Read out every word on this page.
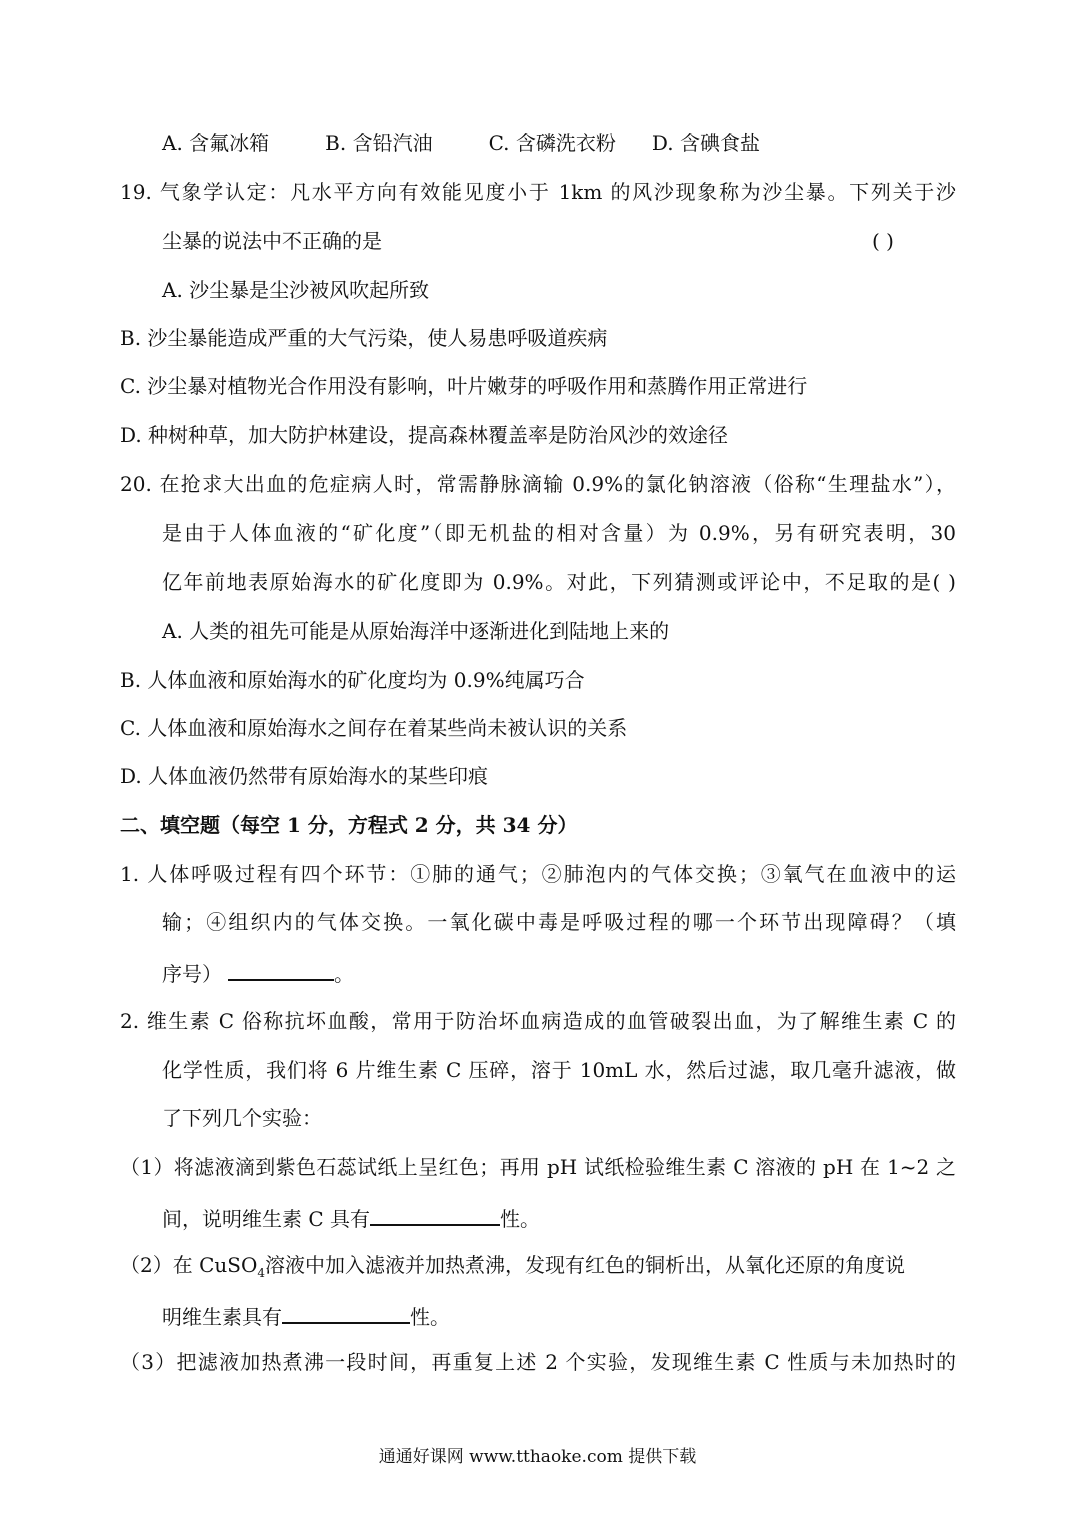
A. 含氟冰箱	B. 含铅汽油	C. 含磷洗衣粉 D. 含碘食盐
19. 气象学认定：凡水平方向有效能见度小于 1km 的风沙现象称为沙尘暴。下列关于沙
尘暴的说法中不正确的是	( )
A. 沙尘暴是尘沙被风吹起所致
B. 沙尘暴能造成严重的大气污染，使人易患呼吸道疾病
C. 沙尘暴对植物光合作用没有影响，叶片嫩芽的呼吸作用和蒸腾作用正常进行
D. 种树种草，加大防护林建设，提高森林覆盖率是防治风沙的效途径
20. 在抢求大出血的危症病人时，常需静脉滴输 0.9%的氯化钠溶液（俗称“生理盐水”），
是由于人体血液的“矿化度”（即无机盐的相对含量）为 0.9%，另有研究表明，30
亿年前地表原始海水的矿化度即为 0.9%。对此，下列猜测或评论中，不足取的是( )
A. 人类的祖先可能是从原始海洋中逐渐进化到陆地上来的
B. 人体血液和原始海水的矿化度均为 0.9%纯属巧合
C. 人体血液和原始海水之间存在着某些尚未被认识的关系
D. 人体血液仍然带有原始海水的某些印痕
二、填空题（每空 1 分，方程式 2 分，共 34 分）
1. 人体呼吸过程有四个环节：①肺的通气；②肺泡内的气体交换；③氧气在血液中的运
输；④组织内的气体交换。一氧化碳中毒是呼吸过程的哪一个环节出现障碍？（填
序号）	。
2. 维生素 C 俗称抗坏血酸，常用于防治坏血病造成的血管破裂出血，为了解维生素 C 的
化学性质，我们将 6 片维生素 C 压碎，溶于 10mL 水，然后过滤，取几毫升滤液，做
了下列几个实验：
（1）将滤液滴到紫色石蕊试纸上呈红色；再用 pH 试纸检验维生素 C 溶液的 pH 在 1~2 之
间，说明维生素 C 具有	性。
（2）在 CuSO$_4$溶液中加入滤液并加热煮沸，发现有红色的铜析出，从氧化还原的角度说
明维生素具有	性。
（3）把滤液加热煮沸一段时间，再重复上述 2 个实验，发现维生素 C 性质与未加热时的
通通好课网 www.tthaoke.com 提供下载
